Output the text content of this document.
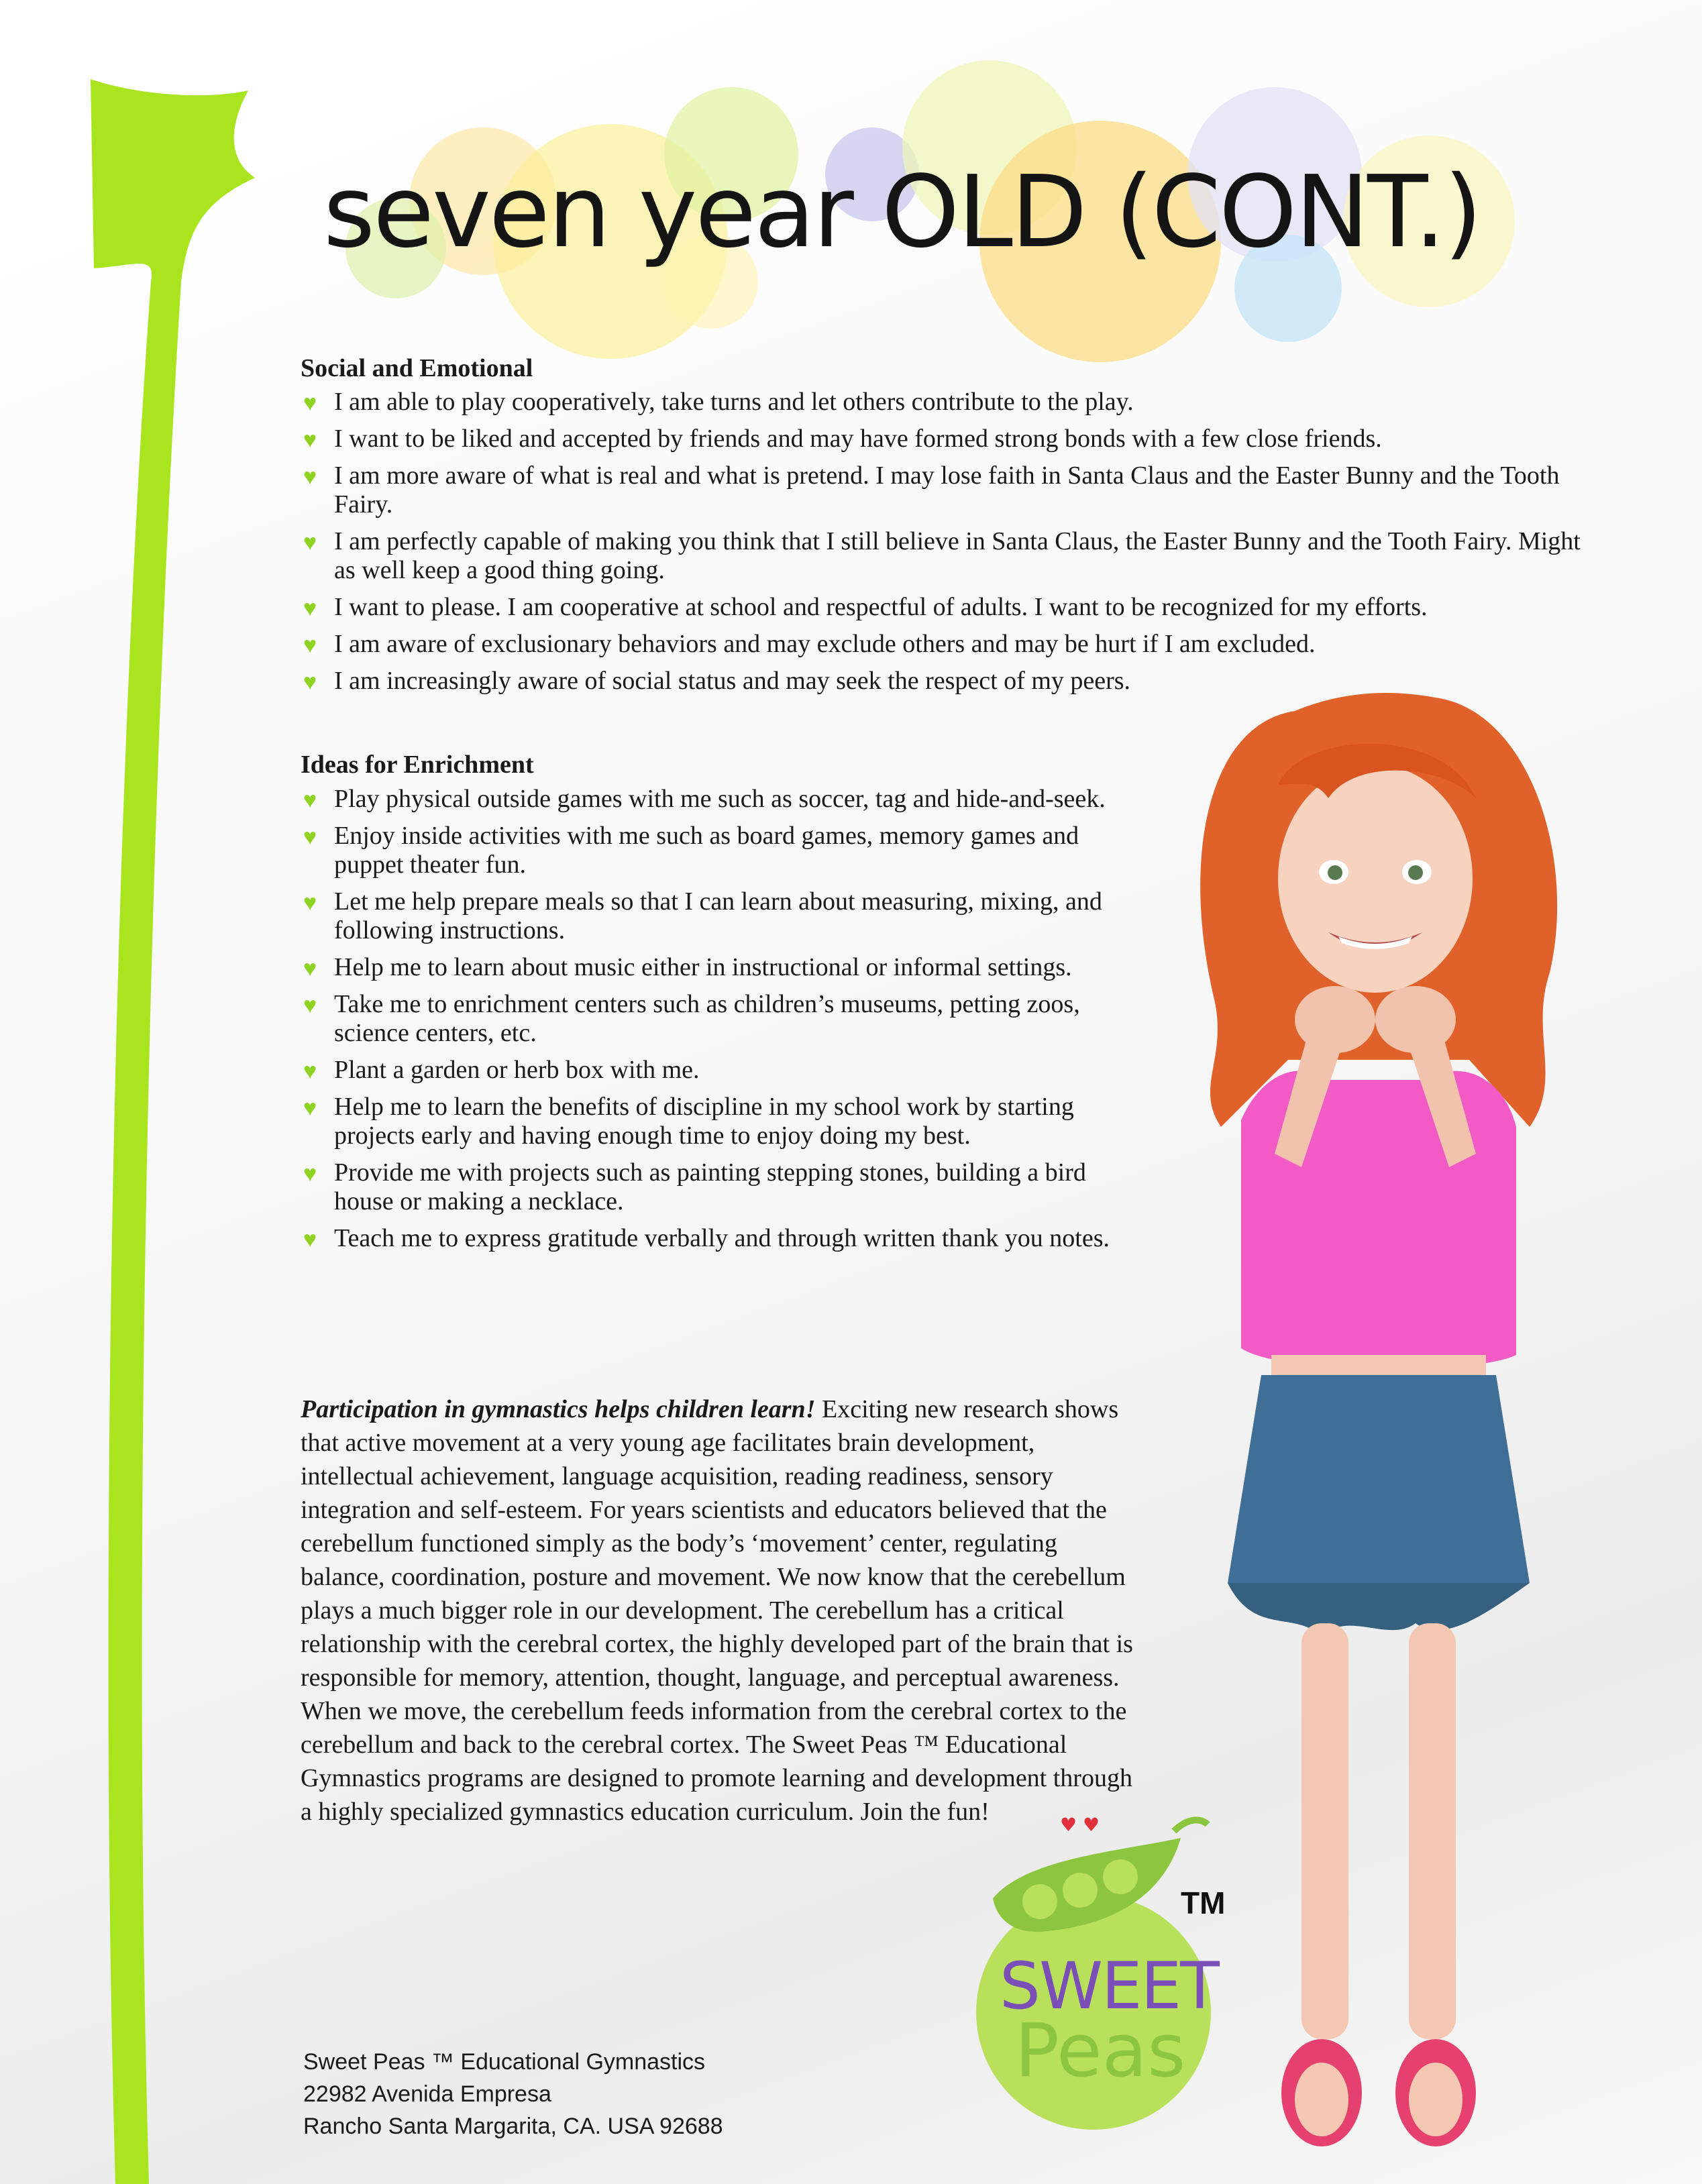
seven year OLD (CONT.)
Social and Emotional
♥ I am able to play cooperatively, take turns and let others contribute to the play.
♥ I want to be liked and accepted by friends and may have formed strong bonds with a few close friends.
♥ I am more aware of what is real and what is pretend. I may lose faith in Santa Claus and the Easter Bunny and the Tooth Fairy.
♥ I am perfectly capable of making you think that I still believe in Santa Claus, the Easter Bunny and the Tooth Fairy. Might as well keep a good thing going.
♥ I want to please. I am cooperative at school and respectful of adults. I want to be recognized for my efforts.
♥ I am aware of exclusionary behaviors and may exclude others and may be hurt if I am excluded.
♥ I am increasingly aware of social status and may seek the respect of my peers.
Ideas for Enrichment
♥ Play physical outside games with me such as soccer, tag and hide-and-seek.
♥ Enjoy inside activities with me such as board games, memory games and puppet theater fun.
♥ Let me help prepare meals so that I can learn about measuring, mixing, and following instructions.
♥ Help me to learn about music either in instructional or informal settings.
♥ Take me to enrichment centers such as children’s museums, petting zoos, science centers, etc.
♥ Plant a garden or herb box with me.
♥ Help me to learn the benefits of discipline in my school work by starting projects early and having enough time to enjoy doing my best.
♥ Provide me with projects such as painting stepping stones, building a bird house or making a necklace.
♥ Teach me to express gratitude verbally and through written thank you notes.

Participation in gymnastics helps children learn! Exciting new research shows that active movement at a very young age facilitates brain development, intellectual achievement, language acquisition, reading readiness, sensory integration and self-esteem. For years scientists and educators believed that the cerebellum functioned simply as the body’s ‘movement’ center, regulating balance, coordination, posture and movement. We now know that the cerebellum plays a much bigger role in our development. The cerebellum has a critical relationship with the cerebral cortex, the highly developed part of the brain that is responsible for memory, attention, thought, language, and perceptual awareness. When we move, the cerebellum feeds information from the cerebral cortex to the cerebellum and back to the cerebral cortex. The Sweet Peas ™ Educational Gymnastics programs are designed to promote learning and development through a highly specialized gymnastics education curriculum. Join the fun!	♥ ♥
SWEET
Peas
TM
Sweet Peas ™ Educational Gymnastics
22982 Avenida Empresa
Rancho Santa Margarita, CA. USA 92688
